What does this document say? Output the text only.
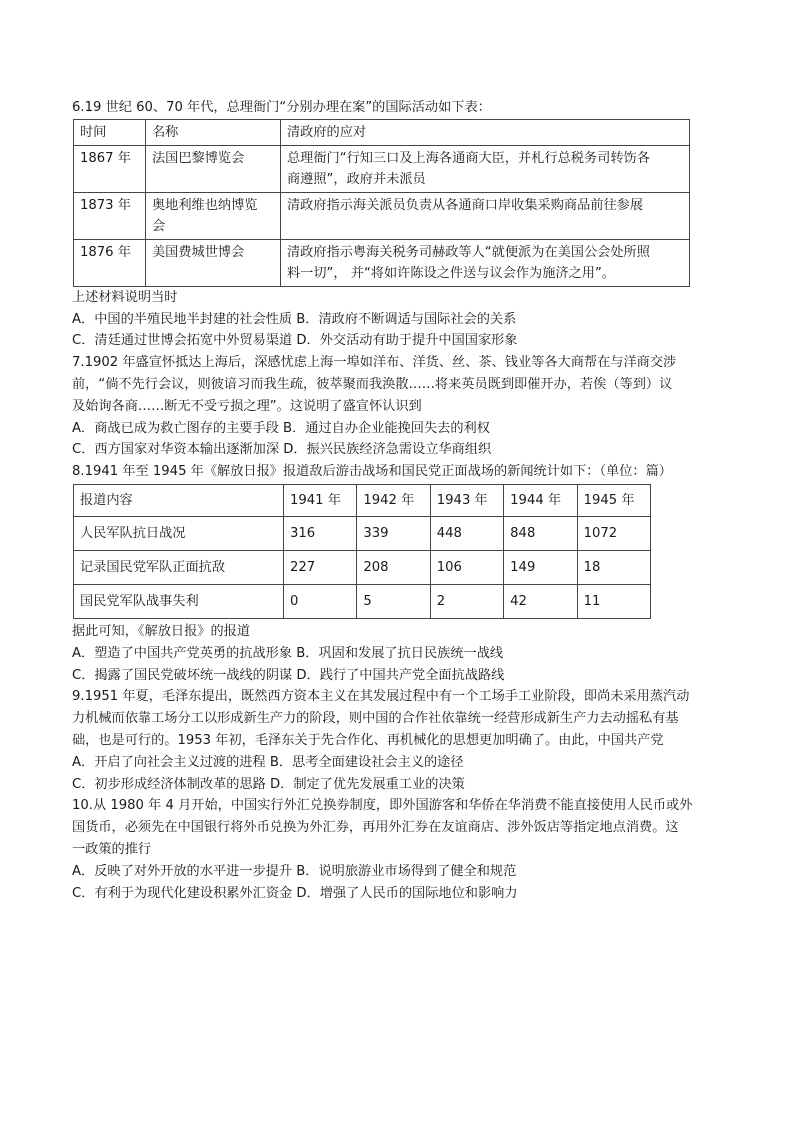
6.19 世纪 60、70 年代，总理衙门“分别办理在案”的国际活动如下表：

时间	名称	清政府的应对
1867 年	法国巴黎博览会	总理衙门“行知三口及上海各通商大臣，并札行总税务司转饬各
商遵照”，政府并未派员

1873 年	奥地利维也纳博览
会	清政府指示海关派员负责从各通商口岸收集采购商品前往参展
1876 年	美国费城世博会	清政府指示粤海关税务司赫政等人“就便派为在美国公会处所照
料一切”， 并“将如许陈设之件送与议会作为施济之用”。

上述材料说明当时

A．中国的半殖民地半封建的社会性质 B．清政府不断调适与国际社会的关系

C．清廷通过世博会拓宽中外贸易渠道 D．外交活动有助于提升中国国家形象

7.1902 年盛宣怀抵达上海后，深感忧虑上海一埠如洋布、洋货、丝、茶、钱业等各大商帮在与洋商交涉

前，“倘不先行会议，则彼谙习而我生疏，彼萃聚而我涣散……将来英员既到即催开办，若俟（等到）议

及始询各商……断无不受亏损之理”。这说明了盛宣怀认识到

A．商战已成为救亡图存的主要手段 B．通过自办企业能挽回失去的利权

C．西方国家对华资本输出逐渐加深 D．振兴民族经济急需设立华商组织

8.1941 年至 1945 年《解放日报》报道敌后游击战场和国民党正面战场的新闻统计如下：（单位：篇）

报道内容	1941 年	1942 年	1943 年	1944 年	1945 年
人民军队抗日战况	316	339	448	848	1072
记录国民党军队正面抗敌	227	208	106	149	18
国民党军队战事失利	0	5	2	42	11

据此可知，《解放日报》的报道

A．塑造了中国共产党英勇的抗战形象 B．巩固和发展了抗日民族统一战线

C．揭露了国民党破坏统一战线的阴谋 D．践行了中国共产党全面抗战路线

9.1951 年夏，毛泽东提出，既然西方资本主义在其发展过程中有一个工场手工业阶段，即尚未采用蒸汽动

力机械而依靠工场分工以形成新生产力的阶段，则中国的合作社依靠统一经营形成新生产力去动摇私有基

础，也是可行的。1953 年初，毛泽东关于先合作化、再机械化的思想更加明确了。由此，中国共产党

A．开启了向社会主义过渡的进程 B．思考全面建设社会主义的途径

C．初步形成经济体制改革的思路 D．制定了优先发展重工业的决策

10.从 1980 年 4 月开始，中国实行外汇兑换券制度，即外国游客和华侨在华消费不能直接使用人民币或外

国货币，必须先在中国银行将外币兑换为外汇券，再用外汇券在友谊商店、涉外饭店等指定地点消费。这

一政策的推行

A．反映了对外开放的水平进一步提升 B．说明旅游业市场得到了健全和规范

C．有利于为现代化建设积累外汇资金 D．增强了人民币的国际地位和影响力
